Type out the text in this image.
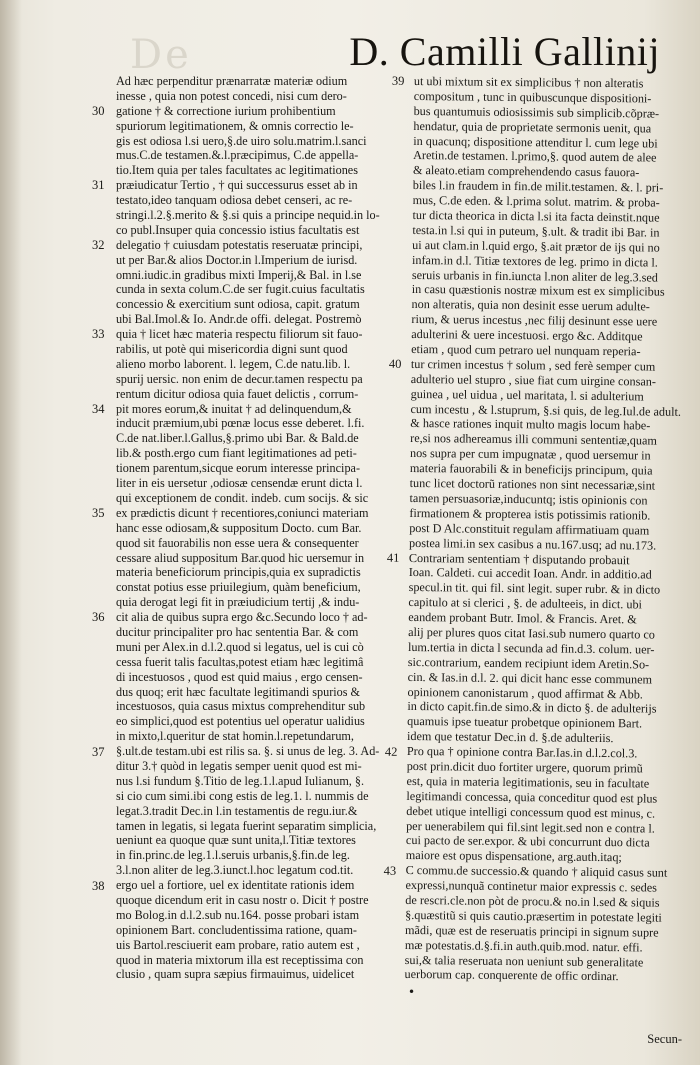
De	D. Camilli Gallinij
Ad hæc perpenditur prænarratæ materiæ odium
inesse , quia non potest concedi, nisi cum dero-
gatione † & correctione iurium prohibentium
spuriorum legitimationem, & omnis correctio le-
gis est odiosa l.si uero,§.de uiro solu.matrim.l.sanci
mus.C.de testamen.&.l.præcipimus, C.de appella-
tio.Item quia per tales facultates ac legitimationes
præiudicatur Tertio , † qui successurus esset ab in
testato,ideo tanquam odiosa debet censeri, ac re-
stringi.l.2.§.merito & §.si quis a principe nequid.in lo-
co publ.Insuper quia concessio istius facultatis est
delegatio † cuiusdam potestatis reseruatæ principi,
ut per Bar.& alios Doctor.in l.Imperium de iurisd.
omni.iudic.in gradibus mixti Imperij,& Bal. in l.se
cunda in sexta colum.C.de ser fugit.cuius facultatis
concessio & exercitium sunt odiosa, capit. gratum
ubi Bal.Imol.& Io. Andr.de offi. delegat. Postremò
quia † licet hæc materia respectu filiorum sit fauo-
rabilis, ut potè qui misericordia digni sunt quod
alieno morbo laborent. l. legem, C.de natu.lib. l.
spurij uersic. non enim de decur.tamen respectu pa
rentum dicitur odiosa quia fauet delictis , corrum-
pit mores eorum,& inuitat † ad delinquendum,&
inducit præmium,ubi pœnæ locus esse deberet. l.fi.
C.de nat.liber.l.Gallus,§.primo ubi Bar. & Bald.de
lib.& posth.ergo cum fiant legitimationes ad peti-
tionem parentum,sicque eorum interesse principa-
liter in eis uersetur ,odiosæ censendæ erunt dicta l.
qui exceptionem de condit. indeb. cum socijs. & sic
ex prædictis dicunt † recentiores,coniunci materiam
hanc esse odiosam,& suppositum Docto. cum Bar.
quod sit fauorabilis non esse uera & consequenter
cessare aliud suppositum Bar.quod hic uersemur in
materia beneficiorum principis,quia ex supradictis
constat potius esse priuilegium, quàm beneficium,
quia derogat legi fit in præiudicium tertij ,& indu-
cit alia de quibus supra ergo &c.Secundo loco † ad-
ducitur principaliter pro hac sententia Bar. & com
muni per Alex.in d.l.2.quod si legatus, uel is cui cò
cessa fuerit talis facultas,potest etiam hæc legitimâ
di incestuosos , quod est quid maius , ergo censen-
dus quoq; erit hæc facultate legitimandi spurios &
incestuosos, quia casus mixtus comprehenditur sub
eo simplici,quod est potentius uel operatur ualidius
in mixto,l.queritur de stat homin.l.repetundarum,
§.ult.de testam.ubi est rilis sa. §. si unus de leg. 3. Ad-
ditur 3.† quòd in legatis semper uenit quod est mi-
nus l.si fundum §.Titio de leg.1.l.apud Iulianum, §.
si cio cum simi.ibi cong estis de leg.1. l. nummis de
legat.3.tradit Dec.in l.in testamentis de regu.iur.&
tamen in legatis, si legata fuerint separatim simplicia,
ueniunt ea quoque quæ sunt unita,l.Titiæ textores
in fin.princ.de leg.1.l.seruis urbanis,§.fin.de leg.
3.l.non aliter de leg.3.iunct.l.hoc legatum cod.tit.
ergo uel a fortiore, uel ex identitate rationis idem
quoque dicendum erit in casu nostr o. Dicit † postre
mo Bolog.in d.l.2.sub nu.164. posse probari istam
opinionem Bart. concludentissima ratione, quam-
uis Bartol.resciuerit eam probare, ratio autem est ,
quod in materia mixtorum illa est receptissima con
clusio , quam supra sæpius firmauimus, uidelicet
30
31
32
33
34
35
36
37
38
ut ubi mixtum sit ex simplicibus † non alteratis
compositum , tunc in quibuscunque dispositioni-
bus quantumuis odiosissimis sub simplicib.cõpræ-
hendatur, quia de proprietate sermonis uenit, qua
in quacunq; dispositione attenditur l. cum lege ubi
Aretin.de testamen. l.primo,§. quod autem de alee
& aleato.etiam comprehendendo casus fauora-
biles l.in fraudem in fin.de milit.testamen. &. l. pri-
mus, C.de eden. & l.prima solut. matrim. & proba-
tur dicta theorica in dicta l.si ita facta deinstit.nque
testa.in l.si qui in puteum, §.ult. & tradit ibi Bar. in
ui aut clam.in l.quid ergo, §.ait prætor de ijs qui no
infam.in d.l. Titiæ textores de leg. primo in dicta l.
seruis urbanis in fin.iuncta l.non aliter de leg.3.sed
in casu quæstionis nostræ mixum est ex simplicibus
non alteratis, quia non desinit esse uerum adulte-
rium, & uerus incestus ,nec filij desinunt esse uere
adulterini & uere incestuosi. ergo &c. Additque
etiam , quod cum petraro uel nunquam reperia-
tur crimen incestus † solum , sed ferè semper cum
adulterio uel stupro , siue fiat cum uirgine consan-
guinea , uel uidua , uel maritata, l. si adulterium
cum incestu , & l.stuprum, §.si quis, de leg.Iul.de adult.
& hasce rationes inquit multo magis locum habe-
re,si nos adhereamus illi communi sententiæ,quam
nos supra per cum impugnatæ , quod uersemur in
materia fauorabili & in beneficijs principum, quia
tunc licet doctorũ rationes non sint necessariæ,sint
tamen persuasoriæ,inducuntq; istis opinionis con
firmationem & propterea istis potissimis rationib.
post D Alc.constituit regulam affirmatiuam quam
postea limi.in sex casibus a nu.167.usq; ad nu.173.
Contrariam sententiam † disputando probauit
Ioan. Caldeti. cui accedit Ioan. Andr. in additio.ad
specul.in tit. qui fil. sint legit. super rubr. & in dicto
capitulo at si clerici , §. de adulteeis, in dict. ubi
eandem probant Butr. Imol. & Francis. Aret. &
alij per plures quos citat Iasi.sub numero quarto co
lum.tertia in dicta l secunda ad fin.d.3. colum. uer-
sic.contrarium, eandem recipiunt idem Aretin.So-
cin. & Ias.in d.l. 2. qui dicit hanc esse communem
opinionem canonistarum , quod affirmat & Abb.
in dicto capit.fin.de simo.& in dicto §. de adulterijs
quamuis ipse tueatur probetque opinionem Bart.
idem que testatur Dec.in d. §.de adulteriis.
Pro qua † opinione contra Bar.Ias.in d.l.2.col.3.
post prin.dicit duo fortiter urgere, quorum primũ
est, quia in materia legitimationis, seu in facultate
legitimandi concessa, quia conceditur quod est plus
debet utique intelligi concessum quod est minus, c.
per uenerabilem qui fil.sint legit.sed non e contra l.
cui pacto de ser.expor. & ubi concurrunt duo dicta
maiore est opus dispensatione, arg.auth.itaq;
C commu.de successio.& quando † aliquid casus sunt
expressi,nunquã continetur maior expressis c. sedes
de rescri.cle.non pòt de procu.& no.in l.sed & siquis
§.quæstitũ si quis cautio.præsertim in potestate legiti
mãdi, quæ est de reseruatis principi in signum supre
mæ potestatis.d.§.fi.in auth.quib.mod. natur. effi.
sui,& talia reseruata non ueniunt sub generalitate
uerborum cap. conquerente de offic ordinar.
39
40
41
42
43
•
Secun-
